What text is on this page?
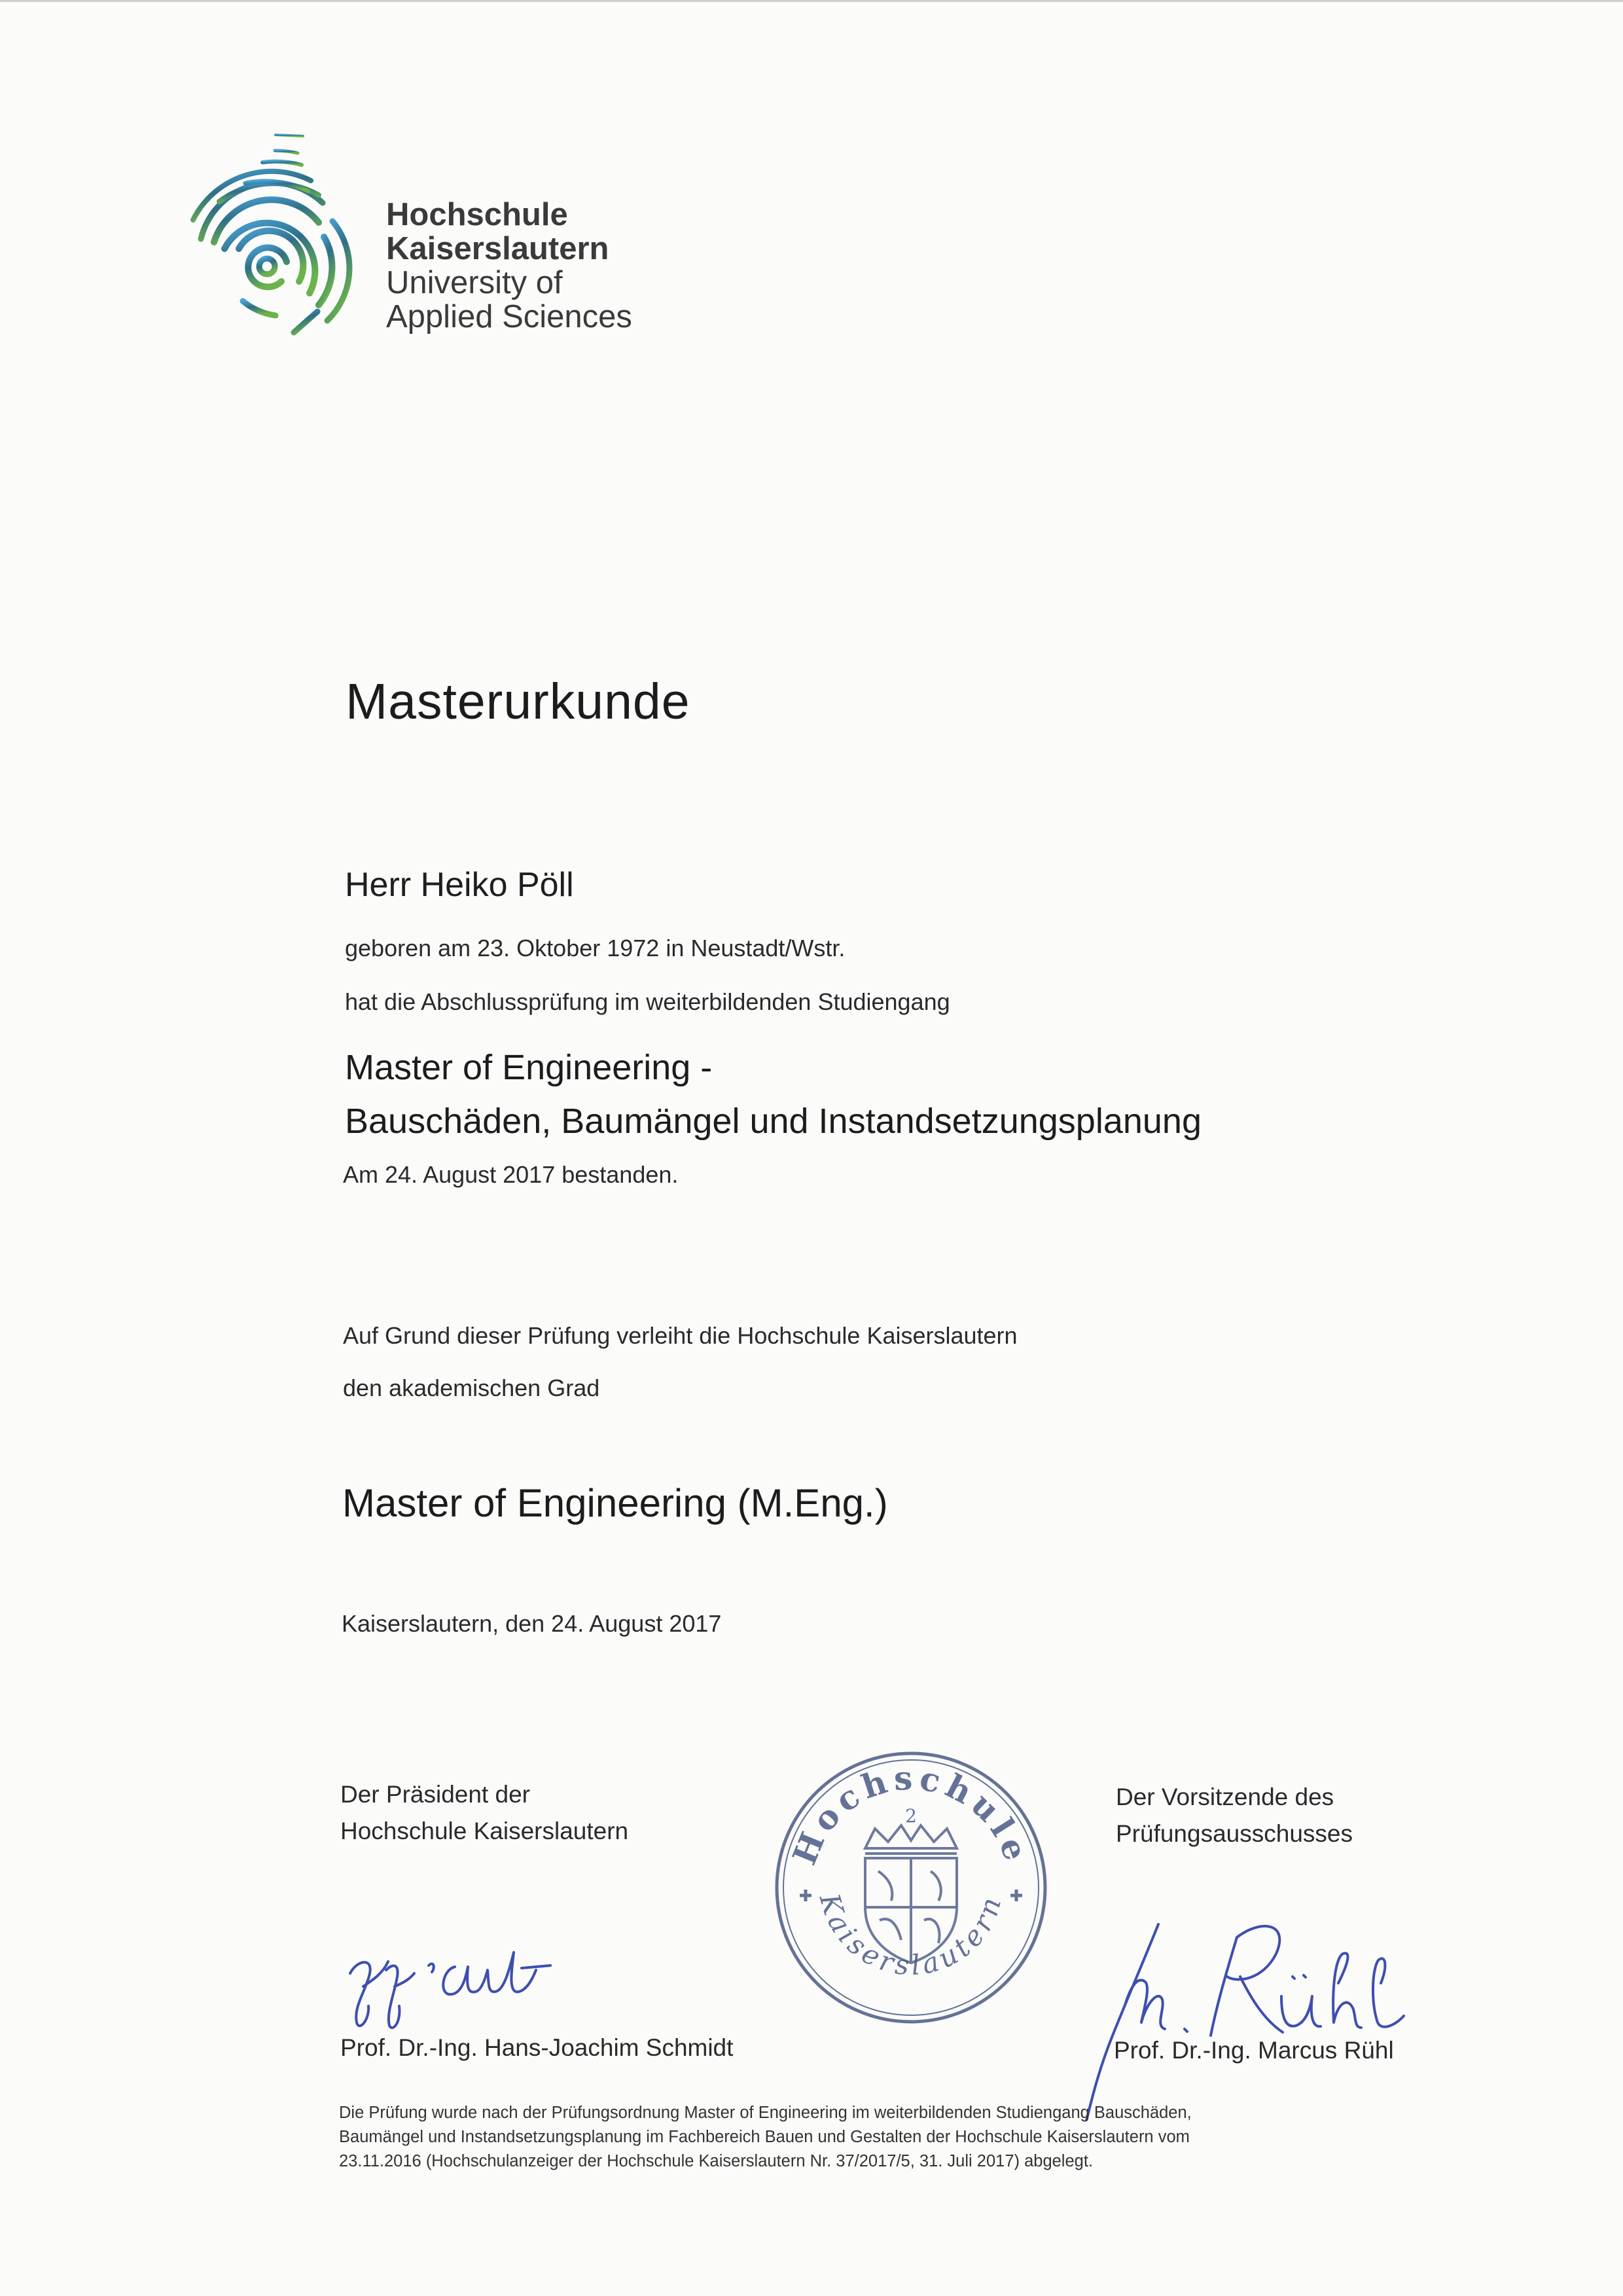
Hochschule
Kaiserslautern
University of
Applied Sciences
Masterurkunde
Herr Heiko Pöll
geboren am 23. Oktober 1972 in Neustadt/Wstr.
hat die Abschlussprüfung im weiterbildenden Studiengang
Master of Engineering -
Bauschäden, Baumängel und Instandsetzungsplanung
Am 24. August 2017 bestanden.
Auf Grund dieser Prüfung verleiht die Hochschule Kaiserslautern
den akademischen Grad
Master of Engineering (M.Eng.)
Kaiserslautern, den 24. August 2017
Der Präsident der
Hochschule Kaiserslautern
Prof. Dr.-Ing. Hans-Joachim Schmidt
Hochschule
Kaiserslautern
2
Der Vorsitzende des
Prüfungsausschusses
Prof. Dr.-Ing. Marcus Rühl
Die Prüfung wurde nach der Prüfungsordnung Master of Engineering im weiterbildenden Studiengang Bauschäden,
Baumängel und Instandsetzungsplanung im Fachbereich Bauen und Gestalten der Hochschule Kaiserslautern vom
23.11.2016 (Hochschulanzeiger der Hochschule Kaiserslautern Nr. 37/2017/5, 31. Juli 2017) abgelegt.
